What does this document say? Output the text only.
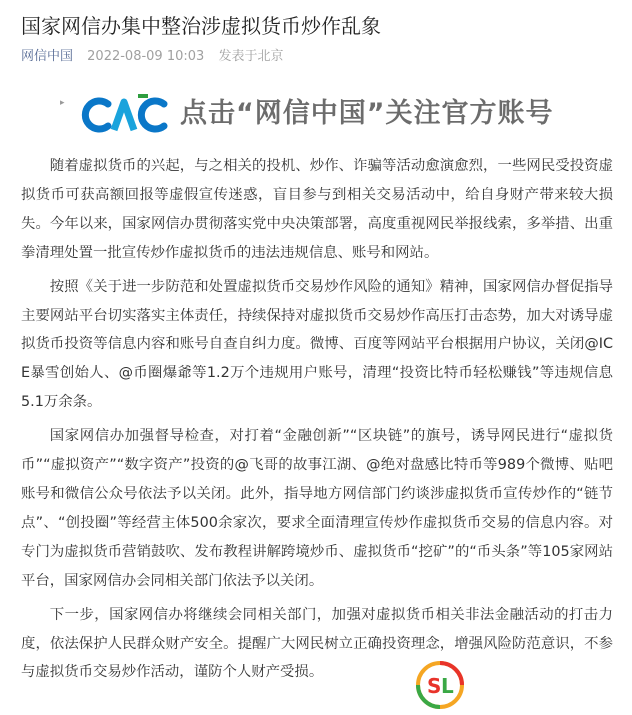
国家网信办集中整治涉虚拟货币炒作乱象
网信中国 2022-08-09 10:03 发表于北京
▸	点击“网信中国”关注官方账号

随着虚拟货币的兴起，与之相关的投机、炒作、诈骗等活动愈演愈烈，一些网民受投资虚拟货币可获高额回报等虚假宣传迷惑，盲目参与到相关交易活动中，给自身财产带来较大损失。今年以来，国家网信办贯彻落实党中央决策部署，高度重视网民举报线索，多举措、出重拳清理处置一批宣传炒作虚拟货币的违法违规信息、账号和网站。

按照《关于进一步防范和处置虚拟货币交易炒作风险的通知》精神，国家网信办督促指导主要网站平台切实落实主体责任，持续保持对虚拟货币交易炒作高压打击态势，加大对诱导虚拟货币投资等信息内容和账号自查自纠力度。微博、百度等网站平台根据用户协议，关闭@ICE暴雪创始人、@币圈爆爺等1.2万个违规用户账号，清理“投资比特币轻松赚钱”等违规信息5.1万余条。

国家网信办加强督导检查，对打着“金融创新”“区块链”的旗号，诱导网民进行“虚拟货币”“虚拟资产”“数字资产”投资的@飞哥的故事江湖、@绝对盘感比特币等989个微博、贴吧账号和微信公众号依法予以关闭。此外，指导地方网信部门约谈涉虚拟货币宣传炒作的“链节点”、“创投圈”等经营主体500余家次，要求全面清理宣传炒作虚拟货币交易的信息内容。对专门为虚拟货币营销鼓吹、发布教程讲解跨境炒币、虚拟货币“挖矿”的“币头条”等105家网站平台，国家网信办会同相关部门依法予以关闭。

下一步，国家网信办将继续会同相关部门，加强对虚拟货币相关非法金融活动的打击力度，依法保护人民群众财产安全。提醒广大网民树立正确投资理念，增强风险防范意识，不参与虚拟货币交易炒作活动，谨防个人财产受损。

S L
